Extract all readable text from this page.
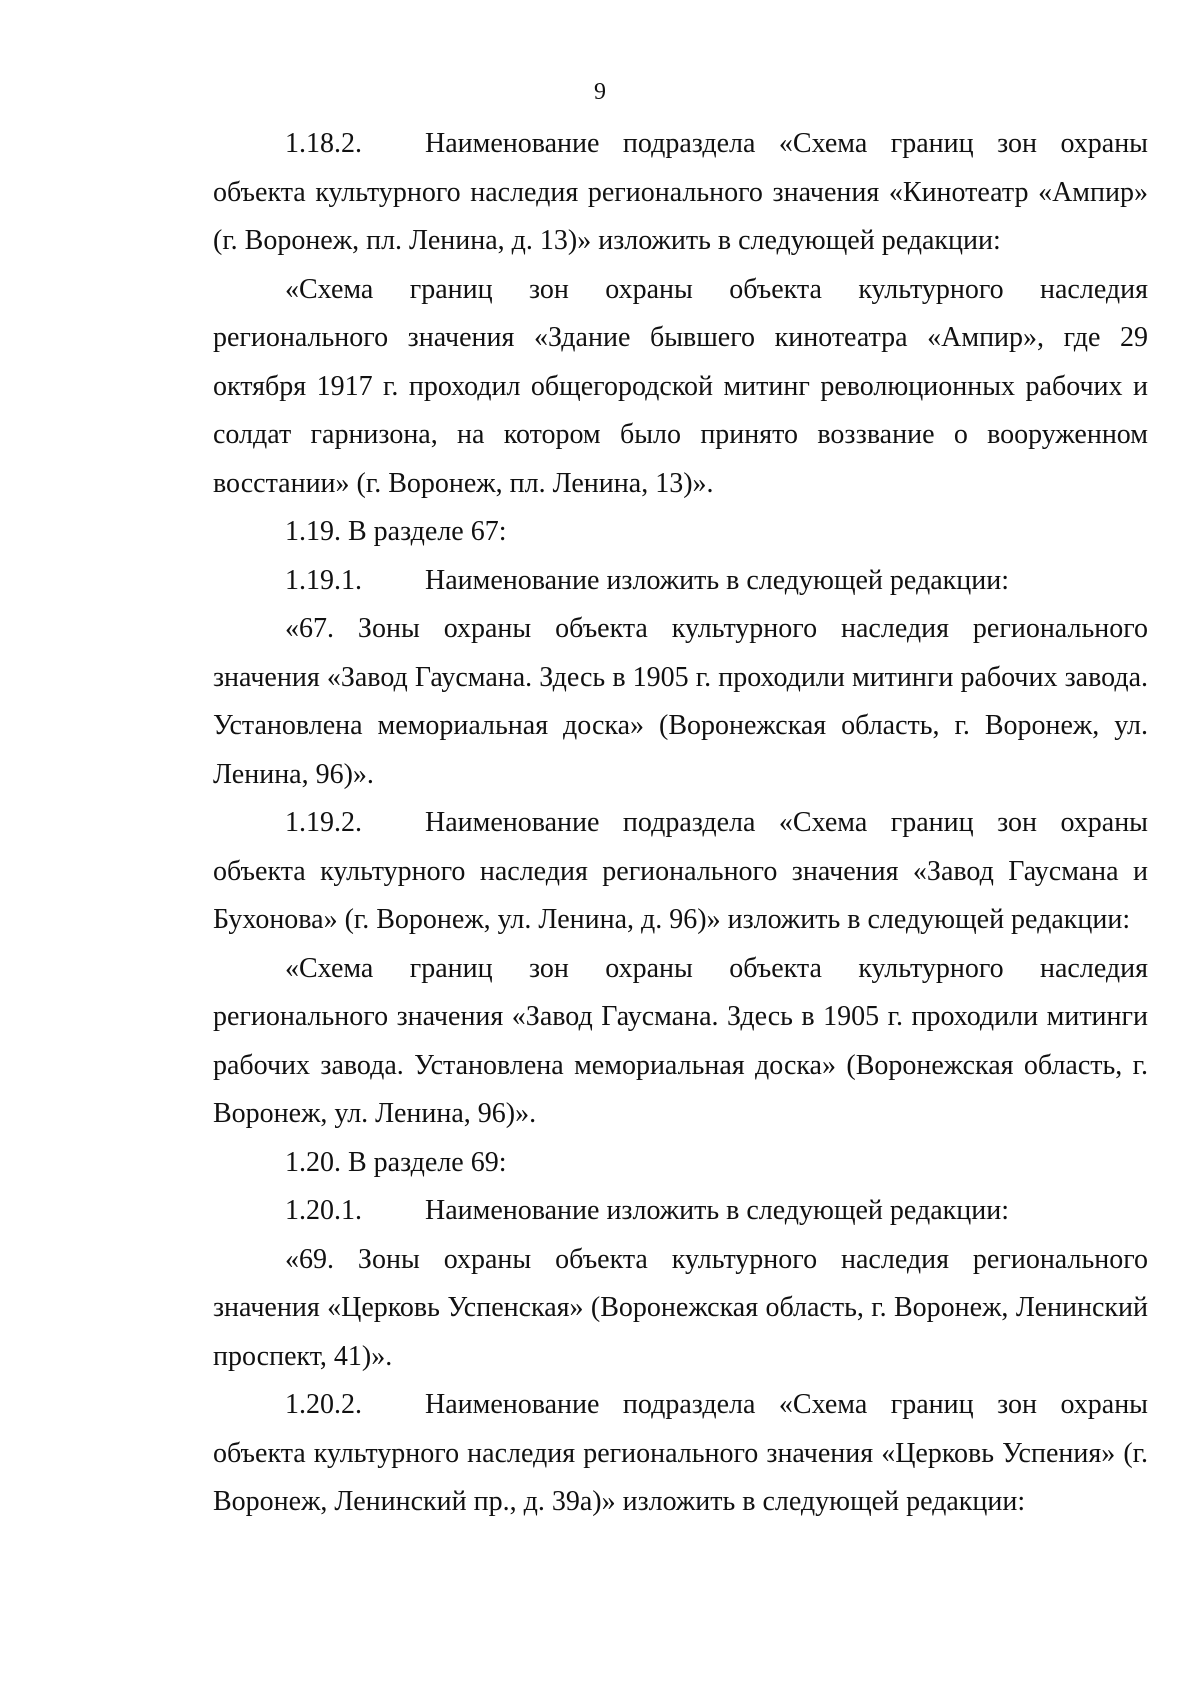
9

1.18.2. Наименование подраздела «Схема границ зон охраны объекта культурного наследия регионального значения «Кинотеатр «Ампир» (г. Воронеж, пл. Ленина, д. 13)» изложить в следующей редакции:

«Схема границ зон охраны объекта культурного наследия регионального значения «Здание бывшего кинотеатра «Ампир», где 29 октября 1917 г. проходил общегородской митинг революционных рабочих и солдат гарнизона, на котором было принято воззвание о вооруженном восстании» (г. Воронеж, пл. Ленина, 13)».

1.19. В разделе 67:

1.19.1. Наименование изложить в следующей редакции:

«67. Зоны охраны объекта культурного наследия регионального значения «Завод Гаусмана. Здесь в 1905 г. проходили митинги рабочих завода. Установлена мемориальная доска» (Воронежская область, г. Воронеж, ул. Ленина, 96)».

1.19.2. Наименование подраздела «Схема границ зон охраны объекта культурного наследия регионального значения «Завод Гаусмана и Бухонова» (г. Воронеж, ул. Ленина, д. 96)» изложить в следующей редакции:

«Схема границ зон охраны объекта культурного наследия регионального значения «Завод Гаусмана. Здесь в 1905 г. проходили митинги рабочих завода. Установлена мемориальная доска» (Воронежская область, г. Воронеж, ул. Ленина, 96)».

1.20. В разделе 69:

1.20.1. Наименование изложить в следующей редакции:

«69. Зоны охраны объекта культурного наследия регионального значения «Церковь Успенская» (Воронежская область, г. Воронеж, Ленинский проспект, 41)».

1.20.2. Наименование подраздела «Схема границ зон охраны объекта культурного наследия регионального значения «Церковь Успения» (г. Воронеж, Ленинский пр., д. 39а)» изложить в следующей редакции:
